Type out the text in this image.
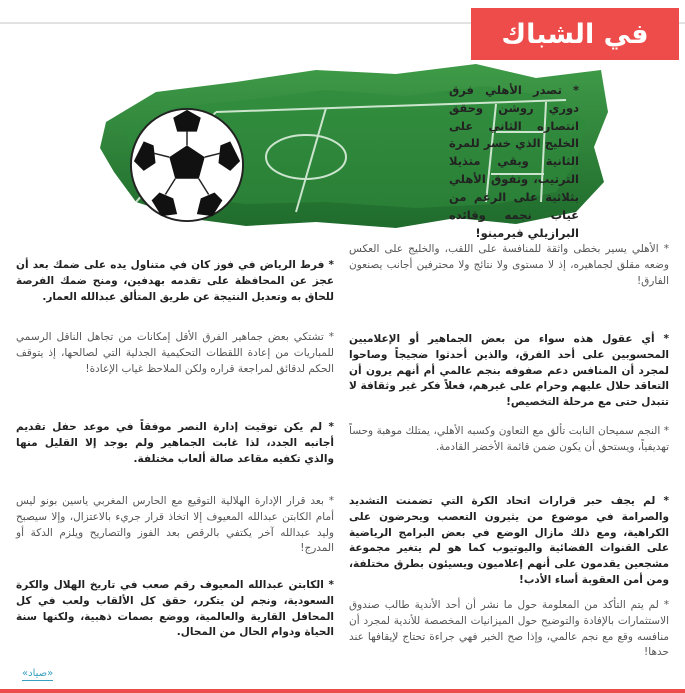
في الشباك

* تصدر الأهلي فرق دوري روشن وحقق انتصاره الثاني على الخليج الذي خسر للمرة الثانية وبقي متذيلا الترتيب، وتفوق الأهلي بثلاثية على الرغم من غياب نجمه وقائده البرازيلي فيرمينو!

* الأهلي يسير بخطى واثقة للمنافسة على اللقب، والخليج على العكس وضعه مقلق لجماهيره، إذ لا مستوى ولا نتائج ولا محترفين أجانب يصنعون الفارق!

* أي عقول هذه سواء من بعض الجماهير أو الإعلاميين المحسوبين على أحد الفرق، والذين أحدثوا ضجيجاً وصاحوا لمجرد أن المنافس دعم صفوفه بنجم عالمي أم أنهم يرون أن التعاقد حلال عليهم وحرام على غيرهم، فعلاً فكر غير وثقافة لا تتبدل حتى مع مرحلة التخصيص!

* النجم سميحان النابت تألق مع التعاون وكسبه الأهلي، يمتلك موهبة وحساً تهديفياً، ويستحق أن يكون ضمن قائمة الأخضر القادمة.

* لم يجف حبر قرارات اتحاد الكرة التي تضمنت التشديد والصرامة في موضوع من يثيرون التعصب ويحرضون على الكراهية، ومع ذلك مازال الوضع في بعض البرامج الرياضية على القنوات الفضائية واليوتيوب كما هو لم يتغير مجموعة مشجعين يقدمون على أنهم إعلاميون ويسيئون بطرق مختلفة، ومن أمن العقوبة أساء الأدب!

* لم يتم التأكد من المعلومة حول ما نشر أن أحد الأندية طالب صندوق الاستثمارات بالإفادة والتوضيح حول الميزانيات المخصصة للأندية لمجرد أن منافسه وقع مع نجم عالمي، وإذا صح الخبر فهي جراءة تحتاج لإيقافها عند حدها!

* فرط الرياض في فوز كان في متناول يده على ضمك بعد أن عجز عن المحافظة على تقدمه بهدفين، ومنح ضمك الفرصة للحاق به وتعديل النتيجة عن طريق المتألق عبدالله العمار.

* تشتكي بعض جماهير الفرق الأقل إمكانات من تجاهل الناقل الرسمي للمباريات من إعادة اللقطات التحكيمية الجدلية التي لصالحها، إذ يتوقف الحكم لدقائق لمراجعة قراره ولكن الملاحظ غياب الإعادة!

* لم يكن توقيت إدارة النصر موفقاً في موعد حفل تقديم أجانبه الجدد، لذا غابت الجماهير ولم يوجد إلا القليل منها والذي تكفيه مقاعد صالة ألعاب مختلفة.

* بعد قرار الإدارة الهلالية التوقيع مع الحارس المغربي ياسين بونو ليس أمام الكابتن عبدالله المعيوف إلا اتخاذ قرار جريء بالاعتزال، وإلا سيصبح وليد عبدالله آخر يكتفي بالرقص بعد الفوز والتصاريح ويلزم الدكة أو المدرج!

* الكابتن عبدالله المعيوف رقم صعب في تاريخ الهلال والكرة السعودية، ونجم لن يتكرر، حقق كل الألقاب ولعب في كل المحافل القارية والعالمية، ووضع بصمات ذهبية، ولكنها سنة الحياة ودوام الحال من المحال.

«صياد»
